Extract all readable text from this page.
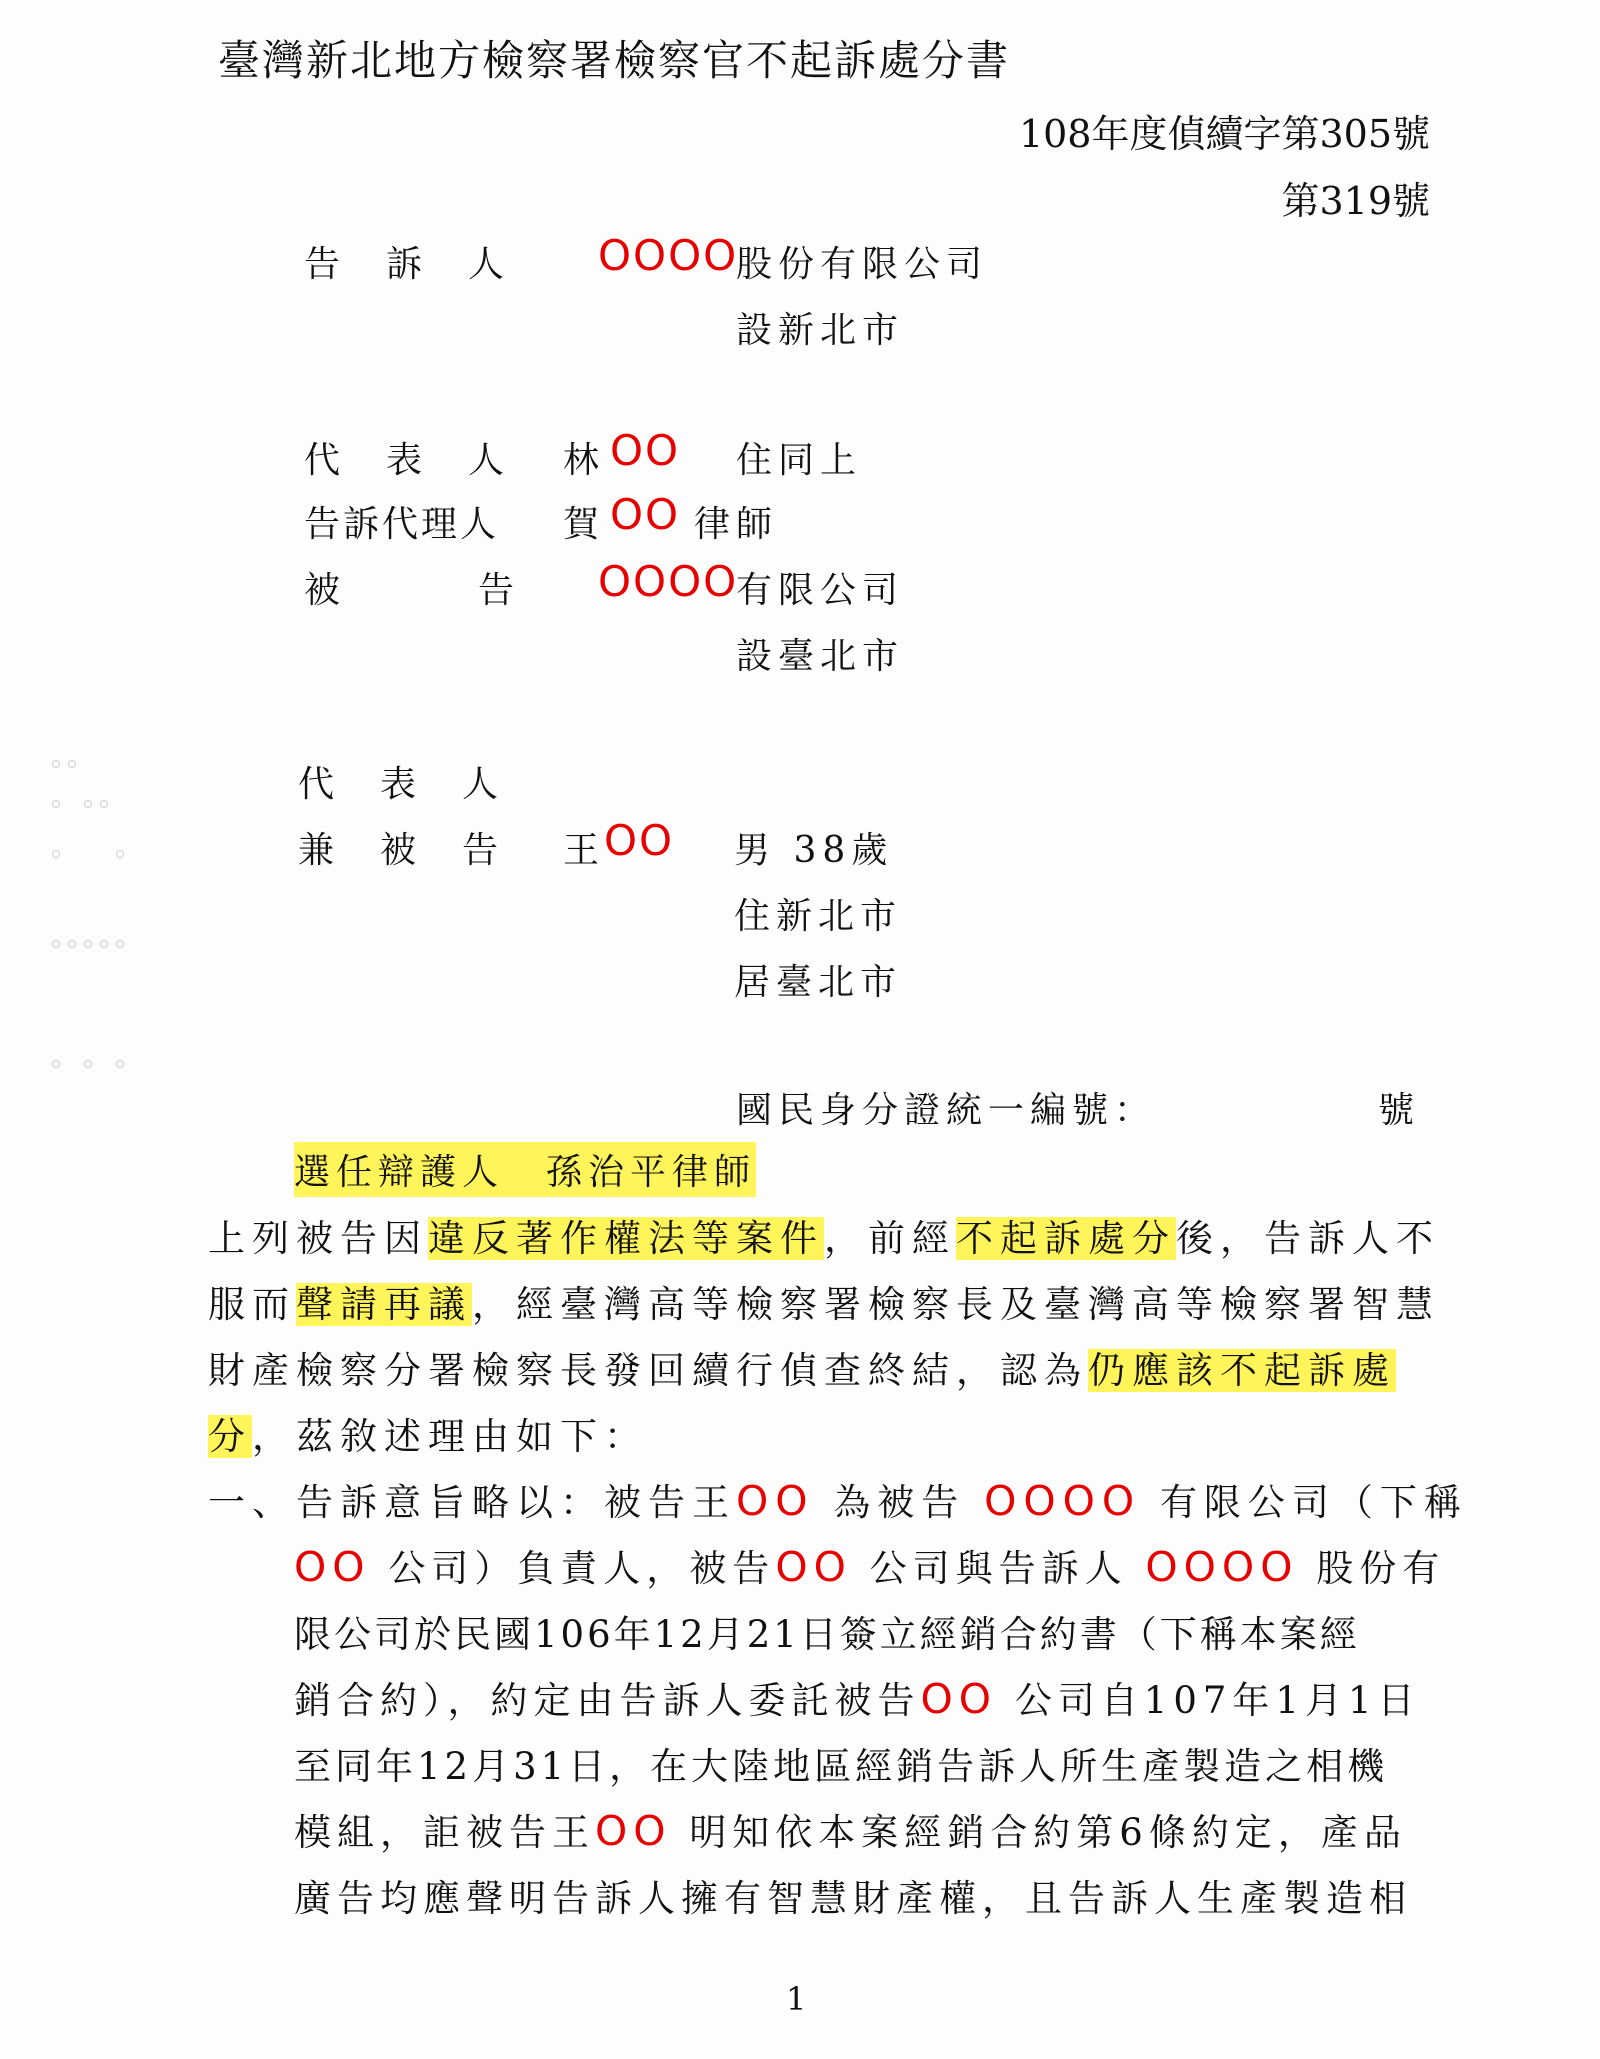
臺灣新北地方檢察署檢察官不起訴處分書
108年度偵續字第305號
第319號
告訴人 OOOO
股份有限公司
設新北市
代表人 林 OO 住同上
告訴代理人 賀 OO 律師
被	告 OOOO
有限公司
設臺北市
代表人
兼被告 王
OO 男 38歲
住新北市
居臺北市
國民身分證統一編號：	號
選任辯護人　孫治平律師
上列被告因違反著作權法等案件，前經不起訴處分後，告訴人不
服而聲請再議，經臺灣高等檢察署檢察長及臺灣高等檢察署智慧
財產檢察分署檢察長發回續行偵查終結，認為仍應該不起訴處
分，茲敘述理由如下：
一、告訴意旨略以：被告王OO 為被告 OOOO 有限公司（下稱
OO 公司）負責人，被告OO 公司與告訴人 OOOO 股份有
限公司於民國106年12月21日簽立經銷合約書（下稱本案經
銷合約），約定由告訴人委託被告OO 公司自107年1月1日
至同年12月31日，在大陸地區經銷告訴人所生產製造之相機
模組，詎被告王OO 明知依本案經銷合約第6條約定，產品
廣告均應聲明告訴人擁有智慧財產權，且告訴人生產製造相
1
